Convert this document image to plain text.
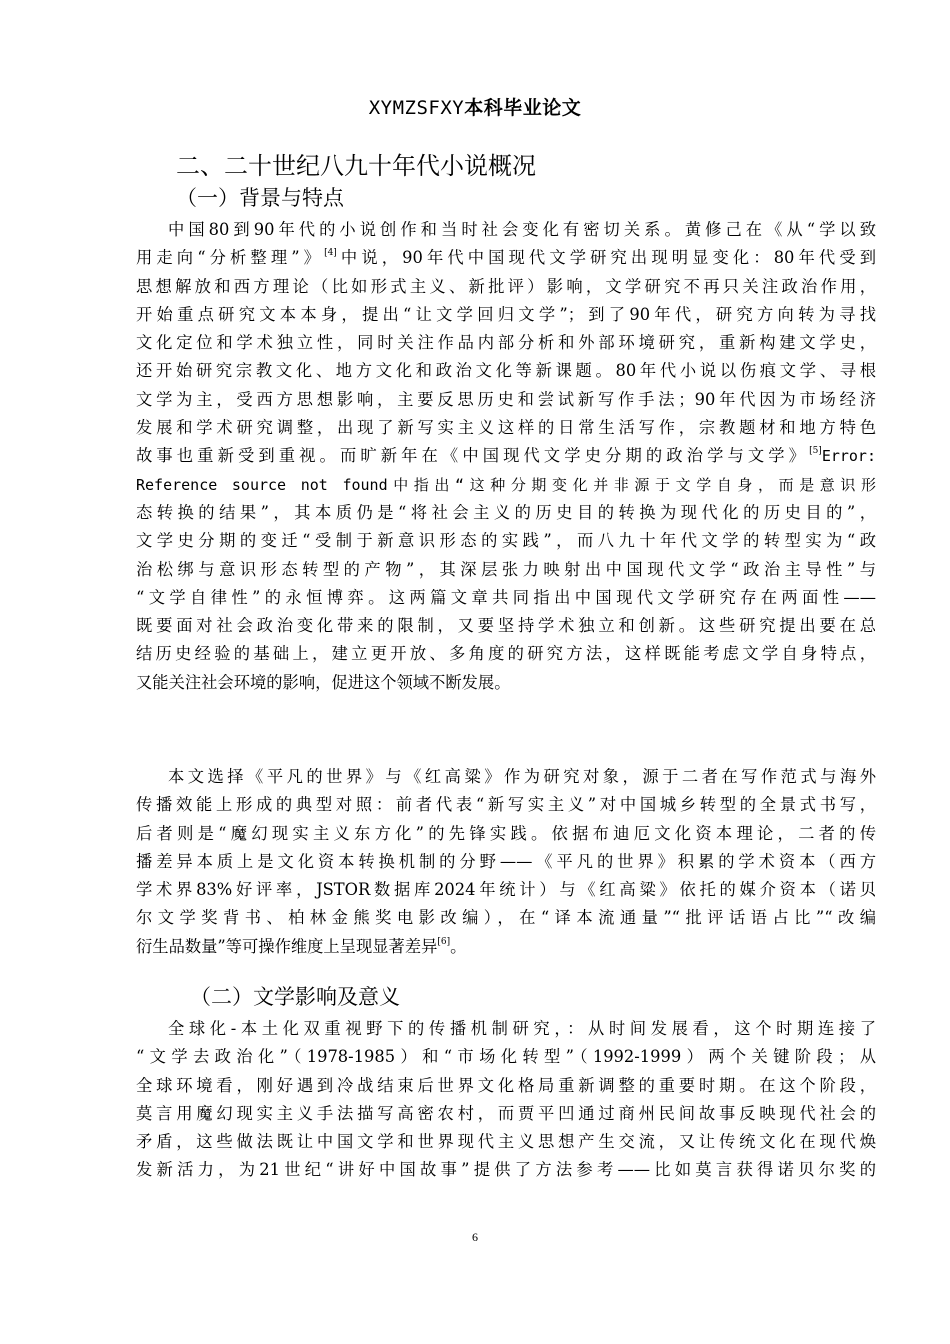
XYMZSFXY本科毕业论文
二、二十世纪八九十年代小说概况
（一）背景与特点
中国80到90年代的小说创作和当时社会变化有密切关系。黄修己在《从“学以致
用走向“分析整理”》[4]中说，90年代中国现代文学研究出现明显变化：80年代受到
思想解放和西方理论（比如形式主义、新批评）影响，文学研究不再只关注政治作用，
开始重点研究文本本身，提出“让文学回归文学”；到了90年代，研究方向转为寻找
文化定位和学术独立性，同时关注作品内部分析和外部环境研究，重新构建文学史，
还开始研究宗教文化、地方文化和政治文化等新课题。80年代小说以伤痕文学、寻根
文学为主，受西方思想影响，主要反思历史和尝试新写作手法；90年代因为市场经济
发展和学术研究调整，出现了新写实主义这样的日常生活写作，宗教题材和地方特色
故事也重新受到重视。而旷新年在《中国现代文学史分期的政治学与文学》[5]Error:
Reference source not found中指出“这种分期变化并非源于文学自身，而是意识形
态转换的结果”，其本质仍是“将社会主义的历史目的转换为现代化的历史目的”，
文学史分期的变迁“受制于新意识形态的实践”，而八九十年代文学的转型实为“政
治松绑与意识形态转型的产物”，其深层张力映射出中国现代文学“政治主导性”与
“文学自律性”的永恒博弈。这两篇文章共同指出中国现代文学研究存在两面性——
既要面对社会政治变化带来的限制，又要坚持学术独立和创新。这些研究提出要在总
结历史经验的基础上，建立更开放、多角度的研究方法，这样既能考虑文学自身特点，
又能关注社会环境的影响，促进这个领域不断发展。
本文选择《平凡的世界》与《红高粱》作为研究对象，源于二者在写作范式与海外
传播效能上形成的典型对照：前者代表“新写实主义”对中国城乡转型的全景式书写，
后者则是“魔幻现实主义东方化”的先锋实践。依据布迪厄文化资本理论，二者的传
播差异本质上是文化资本转换机制的分野——《平凡的世界》积累的学术资本（西方
学术界83%好评率，JSTOR数据库2024年统计）与《红高粱》依托的媒介资本（诺贝
尔文学奖背书、柏林金熊奖电影改编），在“译本流通量”“批评话语占比”“改编
衍生品数量”等可操作维度上呈现显著差异[6]。
（二）文学影响及意义
全球化-本土化双重视野下的传播机制研究，：从时间发展看，这个时期连接了
“文学去政治化”（1978-1985）和“市场化转型”（1992-1999）两个关键阶段；从
全球环境看，刚好遇到冷战结束后世界文化格局重新调整的重要时期。在这个阶段，
莫言用魔幻现实主义手法描写高密农村，而贾平凹通过商州民间故事反映现代社会的
矛盾，这些做法既让中国文学和世界现代主义思想产生交流，又让传统文化在现代焕
发新活力，为21世纪“讲好中国故事”提供了方法参考——比如莫言获得诺贝尔奖的
6
